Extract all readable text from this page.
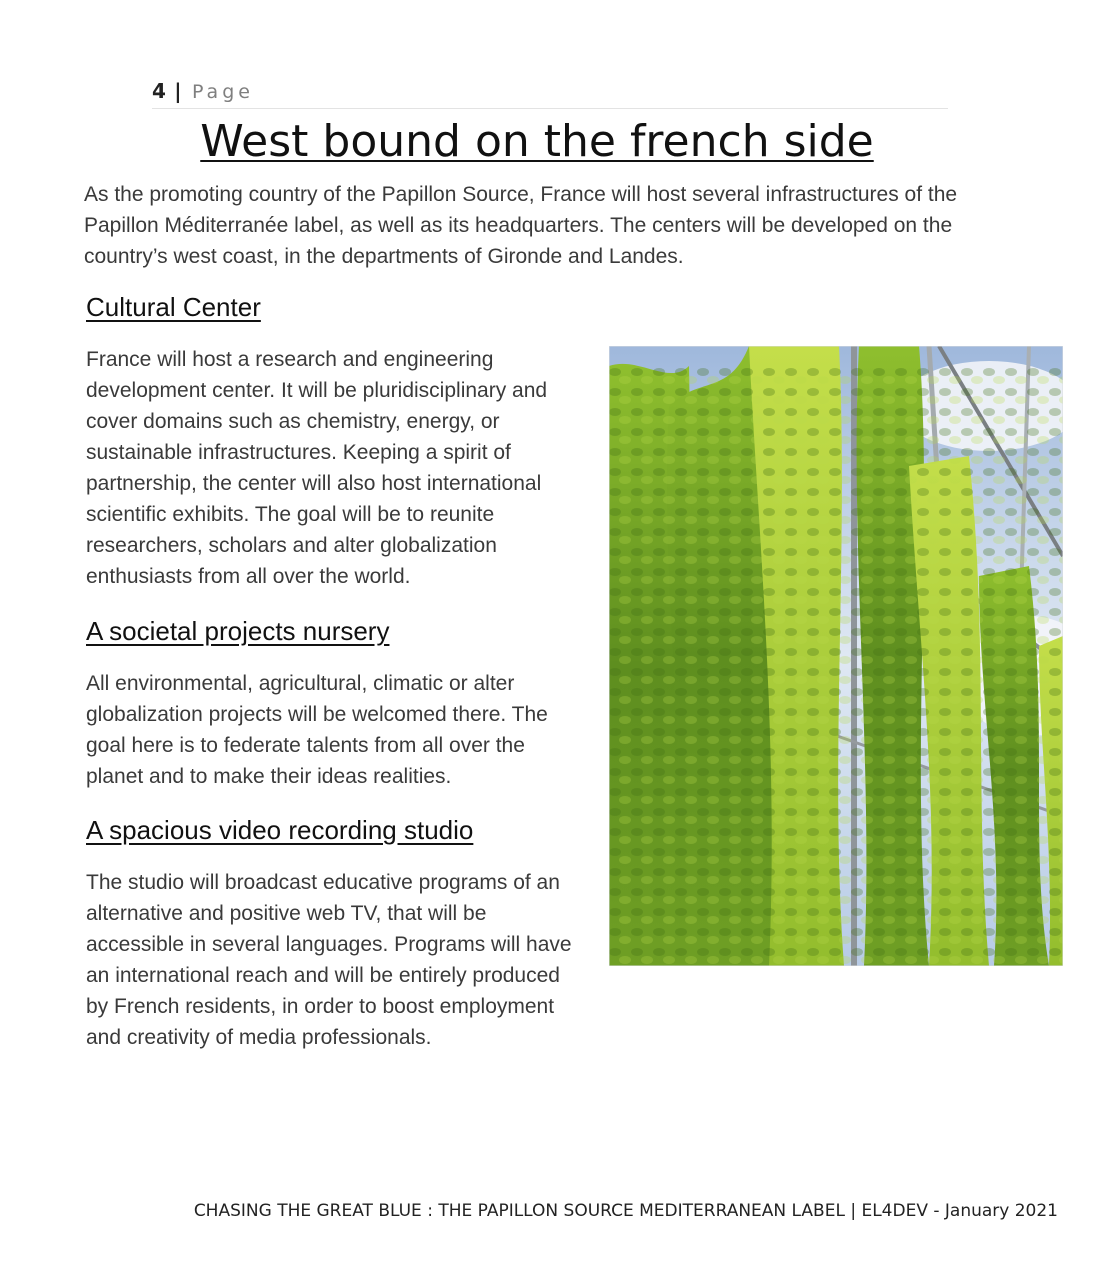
4 | Page
West bound on the french side

As the promoting country of the Papillon Source, France will host several infrastructures of the Papillon Méditerranée label, as well as its headquarters. The centers will be developed on the country’s west coast, in the departments of Gironde and Landes.

Cultural Center

France will host a research and engineering development center. It will be pluridisciplinary and cover domains such as chemistry, energy, or sustainable infrastructures. Keeping a spirit of partnership, the center will also host international scientific exhibits. The goal will be to reunite researchers, scholars and alter globalization enthusiasts from all over the world.

A societal projects nursery

All environmental, agricultural, climatic or alter globalization projects will be welcomed there. The goal here is to federate talents from all over the planet and to make their ideas realities.

A spacious video recording studio

The studio will broadcast educative programs of an alternative and positive web TV, that will be accessible in several languages. Programs will have an international reach and will be entirely produced by French residents, in order to boost employment and creativity of media professionals.

CHASING THE GREAT BLUE : THE PAPILLON SOURCE MEDITERRANEAN LABEL | EL4DEV - January 2021
